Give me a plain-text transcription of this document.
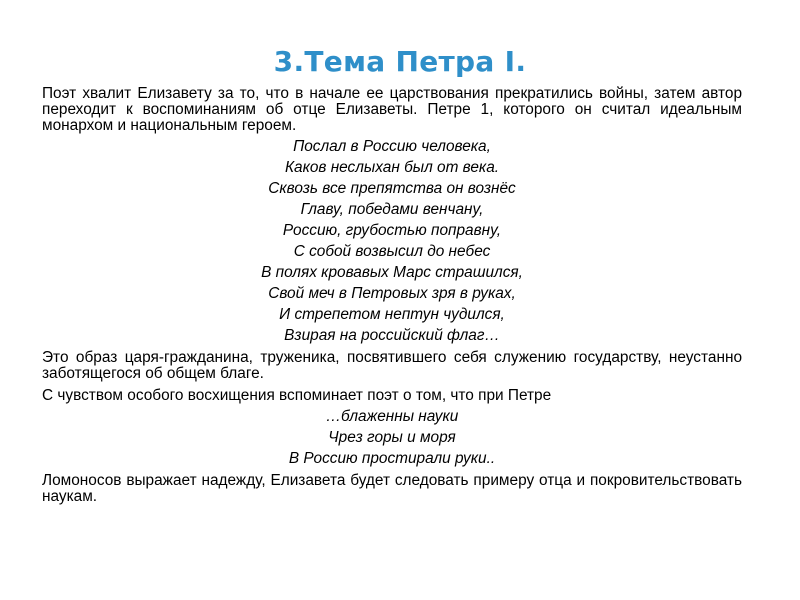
3.Тема Петра I.

Поэт хвалит Елизавету за то, что в начале ее царствования прекратились войны, затем автор переходит к воспоминаниям об отце Елизаветы. Петре 1, которого он считал идеальным монархом и национальным героем.

Послал в Россию человека,

Каков неслыхан был от века.

Сквозь все препятства он вознёс

Главу, победами венчану,

Россию, грубостью поправну,

С собой возвысил до небес

В полях кровавых Марс страшился,

Свой меч в Петровых зря в руках,

И стрепетом нептун чудился,

Взирая на российский флаг…

Это образ царя-гражданина, труженика, посвятившего себя служению государству, неустанно заботящегося об общем благе.

С чувством особого восхищения вспоминает поэт о том, что при Петре

…блаженны науки

Чрез горы и моря

В Россию простирали руки..

Ломоносов выражает надежду, Елизавета будет следовать примеру отца и покровительствовать наукам.
